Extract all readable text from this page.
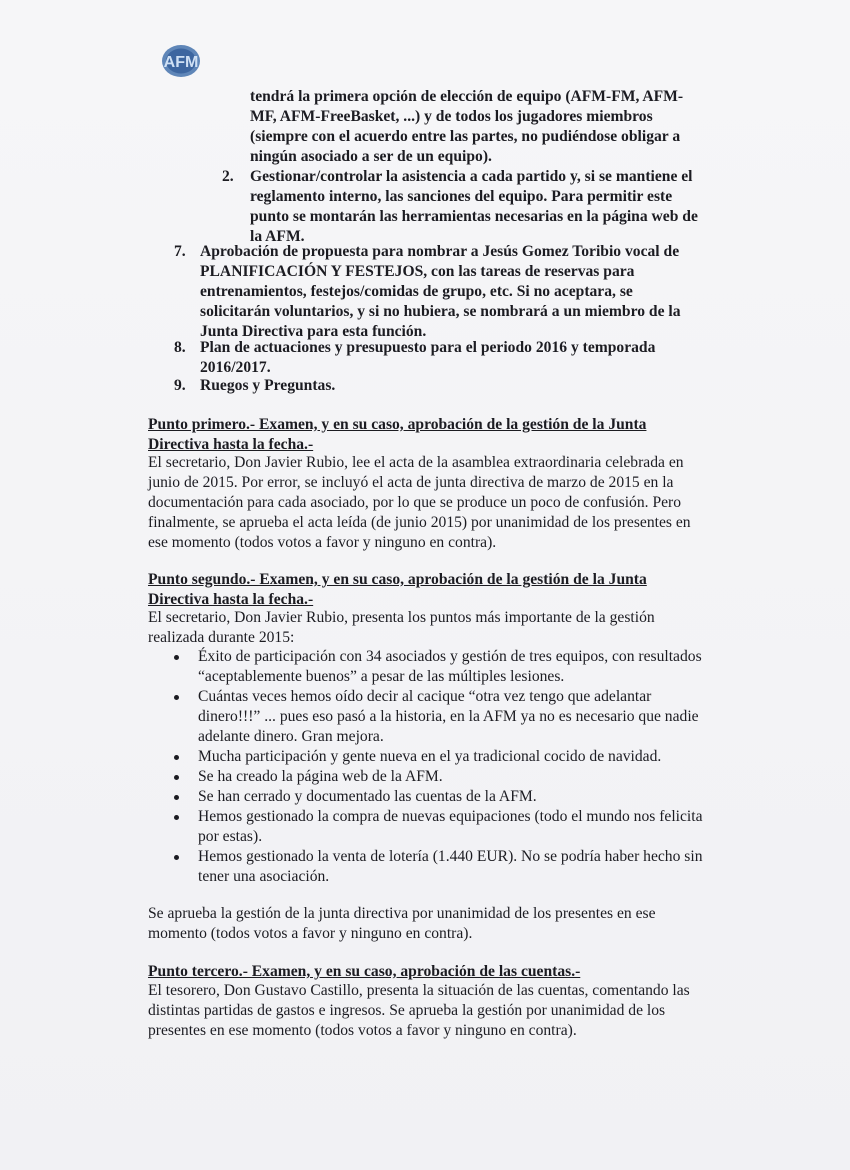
AFM
tendrá la primera opción de elección de equipo (AFM-FM, AFM-
MF, AFM-FreeBasket, ...) y de todos los jugadores miembros
(siempre con el acuerdo entre las partes, no pudiéndose obligar a
ningún asociado a ser de un equipo).
2. Gestionar/controlar la asistencia a cada partido y, si se mantiene el
reglamento interno, las sanciones del equipo. Para permitir este
punto se montarán las herramientas necesarias en la página web de
la AFM.
7. Aprobación de propuesta para nombrar a Jesús Gomez Toribio vocal de
PLANIFICACIÓN Y FESTEJOS, con las tareas de reservas para
entrenamientos, festejos/comidas de grupo, etc. Si no aceptara, se
solicitarán voluntarios, y si no hubiera, se nombrará a un miembro de la
Junta Directiva para esta función.
8. Plan de actuaciones y presupuesto para el periodo 2016 y temporada
2016/2017.
9. Ruegos y Preguntas.
Punto primero.- Examen, y en su caso, aprobación de la gestión de la Junta
Directiva hasta la fecha.-
El secretario, Don Javier Rubio, lee el acta de la asamblea extraordinaria celebrada en
junio de 2015. Por error, se incluyó el acta de junta directiva de marzo de 2015 en la
documentación para cada asociado, por lo que se produce un poco de confusión. Pero
finalmente, se aprueba el acta leída (de junio 2015) por unanimidad de los presentes en
ese momento (todos votos a favor y ninguno en contra).
Punto segundo.- Examen, y en su caso, aprobación de la gestión de la Junta
Directiva hasta la fecha.-
El secretario, Don Javier Rubio, presenta los puntos más importante de la gestión
realizada durante 2015:
Éxito de participación con 34 asociados y gestión de tres equipos, con resultados
“aceptablemente buenos” a pesar de las múltiples lesiones.
Cuántas veces hemos oído decir al cacique “otra vez tengo que adelantar
dinero!!!” ... pues eso pasó a la historia, en la AFM ya no es necesario que nadie
adelante dinero. Gran mejora.
Mucha participación y gente nueva en el ya tradicional cocido de navidad.
Se ha creado la página web de la AFM.
Se han cerrado y documentado las cuentas de la AFM.
Hemos gestionado la compra de nuevas equipaciones (todo el mundo nos felicita
por estas).
Hemos gestionado la venta de lotería (1.440 EUR). No se podría haber hecho sin
tener una asociación.
Se aprueba la gestión de la junta directiva por unanimidad de los presentes en ese
momento (todos votos a favor y ninguno en contra).
Punto tercero.- Examen, y en su caso, aprobación de las cuentas.-
El tesorero, Don Gustavo Castillo, presenta la situación de las cuentas, comentando las
distintas partidas de gastos e ingresos. Se aprueba la gestión por unanimidad de los
presentes en ese momento (todos votos a favor y ninguno en contra).
